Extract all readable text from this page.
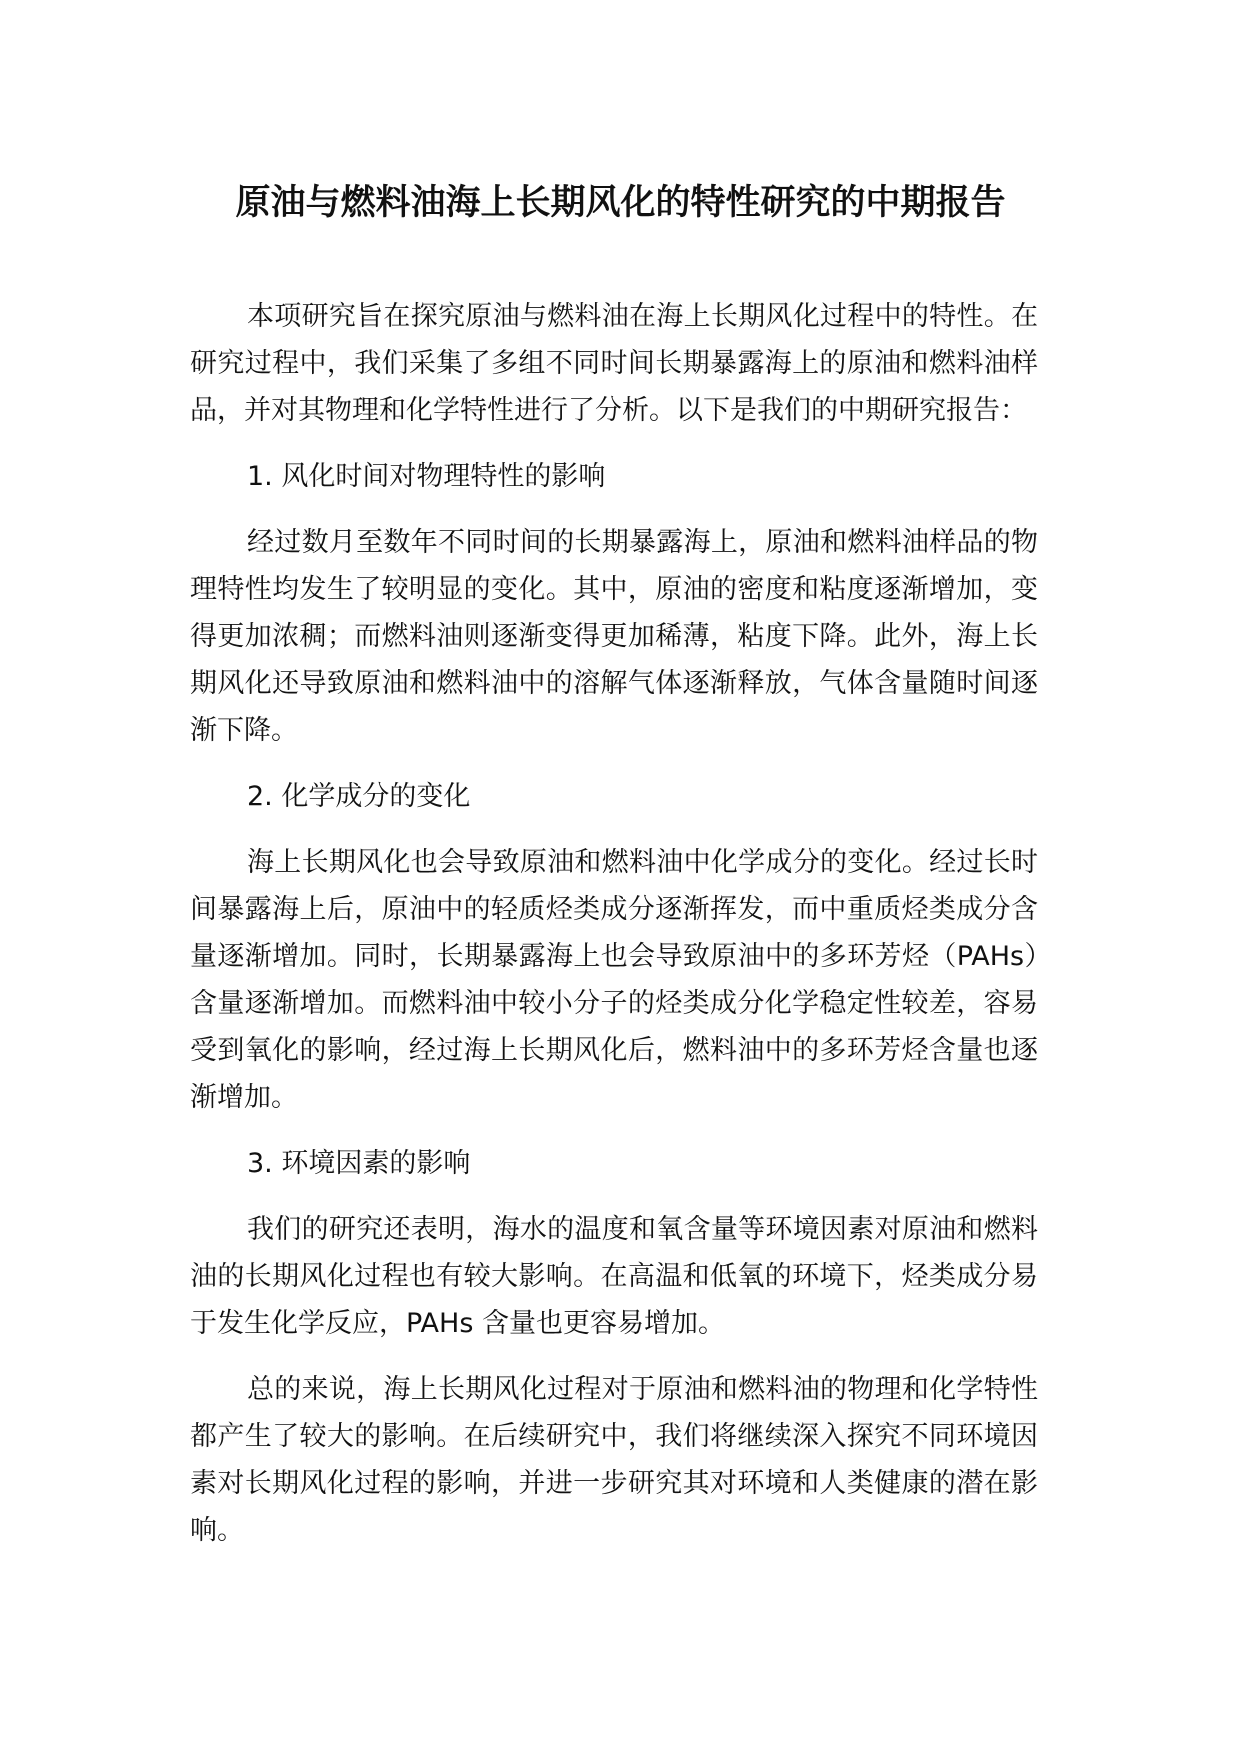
原油与燃料油海上长期风化的特性研究的中期报告

本项研究旨在探究原油与燃料油在海上长期风化过程中的特性。在研究过程中，我们采集了多组不同时间长期暴露海上的原油和燃料油样品，并对其物理和化学特性进行了分析。以下是我们的中期研究报告：

1. 风化时间对物理特性的影响

经过数月至数年不同时间的长期暴露海上，原油和燃料油样品的物理特性均发生了较明显的变化。其中，原油的密度和粘度逐渐增加，变得更加浓稠；而燃料油则逐渐变得更加稀薄，粘度下降。此外，海上长期风化还导致原油和燃料油中的溶解气体逐渐释放，气体含量随时间逐渐下降。

2. 化学成分的变化

海上长期风化也会导致原油和燃料油中化学成分的变化。经过长时间暴露海上后，原油中的轻质烃类成分逐渐挥发，而中重质烃类成分含量逐渐增加。同时，长期暴露海上也会导致原油中的多环芳烃（PAHs）含量逐渐增加。而燃料油中较小分子的烃类成分化学稳定性较差，容易受到氧化的影响，经过海上长期风化后，燃料油中的多环芳烃含量也逐渐增加。

3. 环境因素的影响

我们的研究还表明，海水的温度和氧含量等环境因素对原油和燃料油的长期风化过程也有较大影响。在高温和低氧的环境下，烃类成分易于发生化学反应，PAHs 含量也更容易增加。

总的来说，海上长期风化过程对于原油和燃料油的物理和化学特性都产生了较大的影响。在后续研究中，我们将继续深入探究不同环境因素对长期风化过程的影响，并进一步研究其对环境和人类健康的潜在影响。
